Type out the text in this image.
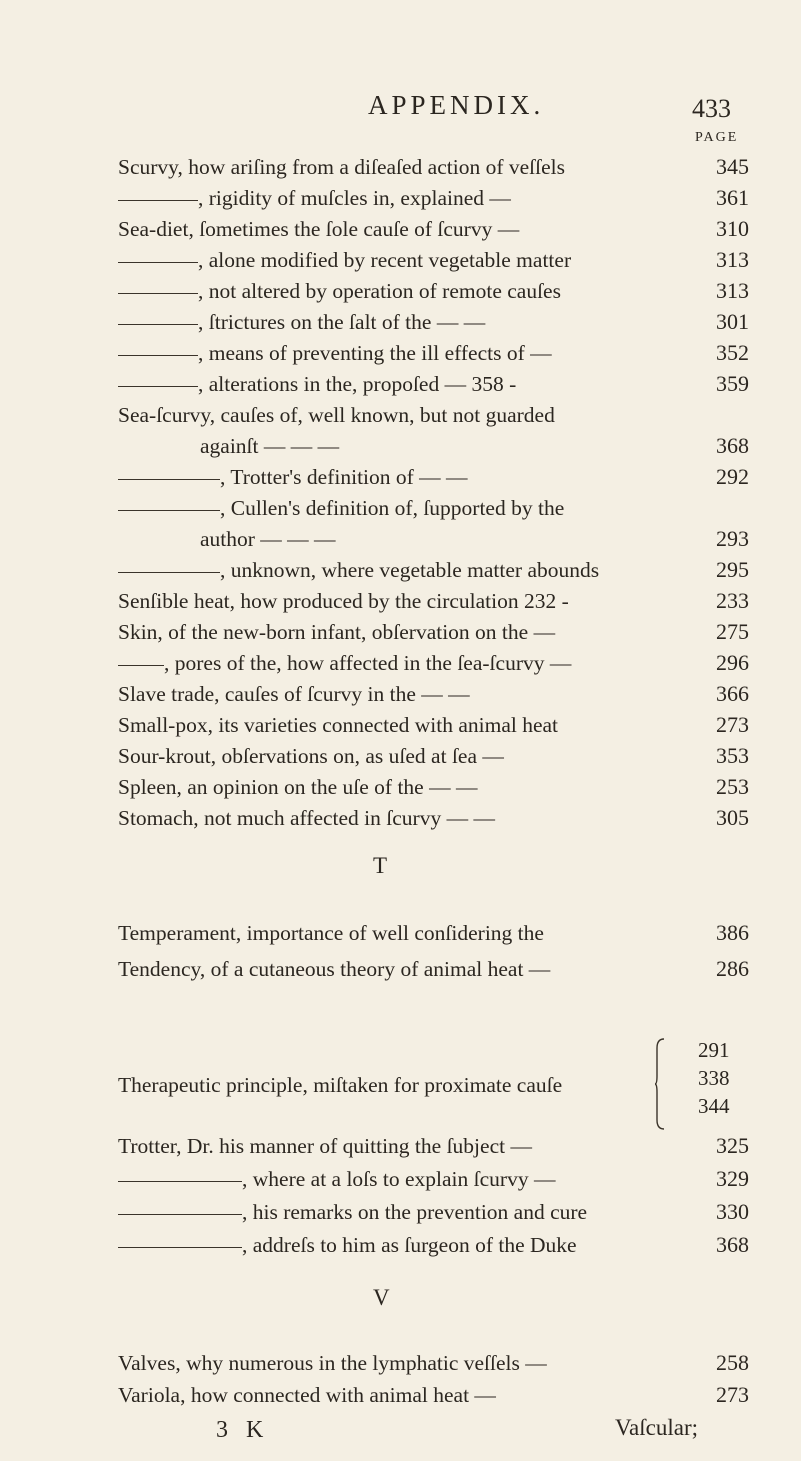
APPENDIX.	433
PAGE
Scurvy, how ariſing from a diſeaſed action of veſſels	345
, rigidity of muſcles in, explained —	361
Sea-diet, ſometimes the ſole cauſe of ſcurvy —	310
, alone modified by recent vegetable matter	313
, not altered by operation of remote cauſes	313
, ſtrictures on the ſalt of the — —	301
, means of preventing the ill effects of —	352
, alterations in the, propoſed — 358 -	359
Sea-ſcurvy, cauſes of, well known, but not guarded
againſt — — —	368
, Trotter's definition of — —	292
, Cullen's definition of, ſupported by the
author — — —	293
, unknown, where vegetable matter abounds	295
Senſible heat, how produced by the circulation 232 -	233
Skin, of the new-born infant, obſervation on the —	275
, pores of the, how affected in the ſea-ſcurvy —	296
Slave trade, cauſes of ſcurvy in the — —	366
Small-pox, its varieties connected with animal heat	273
Sour-krout, obſervations on, as uſed at ſea —	353
Spleen, an opinion on the uſe of the — —	253
Stomach, not much affected in ſcurvy — —	305
T
Temperament, importance of well conſidering the	386
Tendency, of a cutaneous theory of animal heat —	286
Therapeutic principle, miſtaken for proximate cauſe
291
338
344
Trotter, Dr. his manner of quitting the ſubject —	325
, where at a loſs to explain ſcurvy —	329
, his remarks on the prevention and cure	330
, addreſs to him as ſurgeon of the Duke	368
V
Valves, why numerous in the lymphatic veſſels —	258
Variola, how connected with animal heat —	273
3 K	Vaſcular;
